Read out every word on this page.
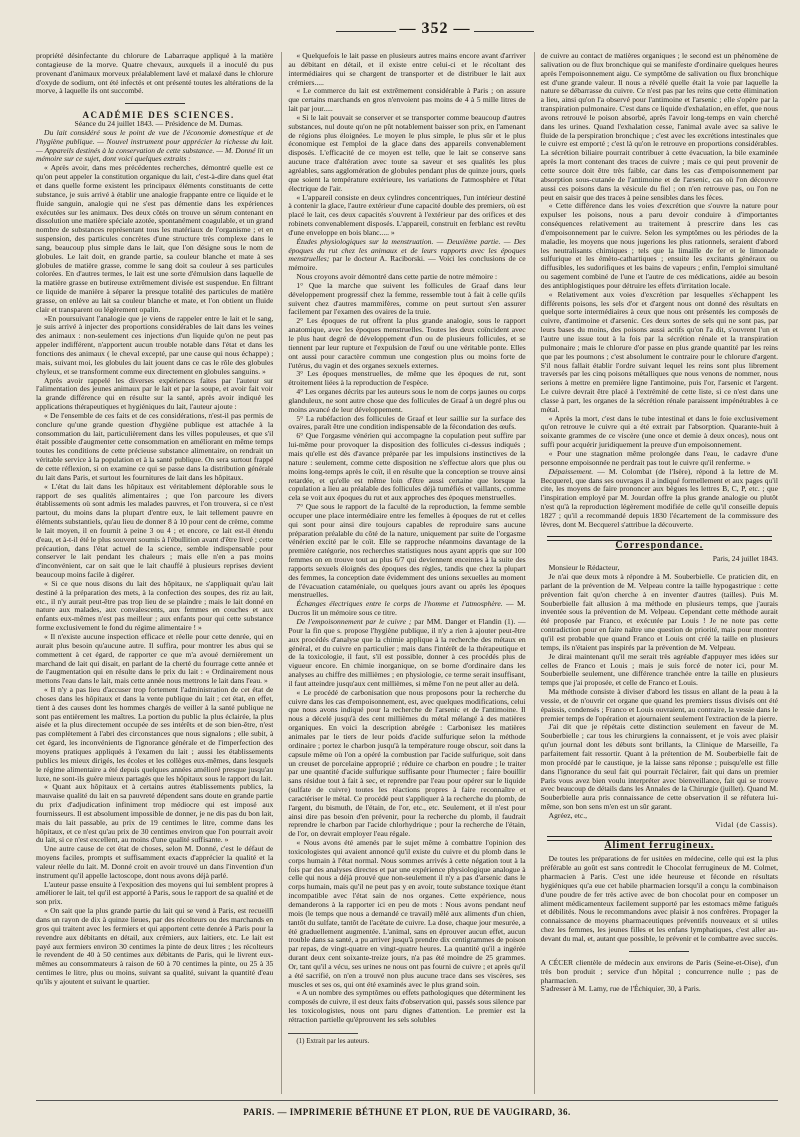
— 352 —

propriété désinfectante du chlorure de Labarraque appliqué à la matière contagieuse de la morve. Quatre chevaux, auxquels il a inoculé du pus provenant d'animaux morveux préalablement lavé et malaxé dans le chlorure d'oxyde de sodium, ont été infectés et ont présenté toutes les altérations de la morve, à laquelle ils ont succombé.

ACADÉMIE DES SCIENCES.

Séance du 24 juillet 1843. — Présidence de M. Dumas.

Du lait considéré sous le point de vue de l'économie domestique et de l'hygiène publique. — Nouvel instrument pour apprécier la richesse du lait. — Appareils destinés à la conservation de cette substance. — M. Donné lit un mémoire sur ce sujet, dont voici quelques extraits :

« Après avoir, dans mes précédentes recherches, démontré quelle est ce qu'on peut appeler la constitution organique du lait, c'est-à-dire dans quel état et dans quelle forme existent les principaux éléments constituants de cette substance, je suis arrivé à établir une analogie frappante entre ce liquide et le fluide sanguin, analogie qui ne s'est pas démentie dans les expériences exécutées sur les animaux. Des deux côtés on trouve un sérum contenant en dissolution une matière spéciale azotée, spontanément coagulable, et un grand nombre de substances représentant tous les matériaux de l'organisme ; et en suspension, des particules concrètes d'une structure très complexe dans le sang, beaucoup plus simple dans le lait, que l'on désigne sous le nom de globules. Le lait doit, en grande partie, sa couleur blanche et mate à ses globules de matière grasse, comme le sang doit sa couleur à ses particules colorées. En d'autres termes, le lait est une sorte d'émulsion dans laquelle de la matière grasse en butireuse extrêmement divisée est suspendue. En filtrant ce liquide de manière à séparer la presque totalité des particules de matière grasse, on enlève au lait sa couleur blanche et mate, et l'on obtient un fluide clair et transparent ou légèrement opalin.

»En poursuivant l'analogie que je viens de rappeler entre le lait et le sang, je suis arrivé à injecter des proportions considérables de lait dans les veines des animaux : non-seulement ces injections d'un liquide qu'on ne peut pas appeler indifférent, n'apportent aucun trouble notable dans l'état et dans les fonctions des animaux ( le cheval excepté, par une cause qui nous échappe) ; mais, suivant moi, les globules du lait jouent dans ce cas le rôle des globules chyleux, et se transforment comme eux directement en globules sanguins. »

Après avoir rappelé les diverses expériences faites par l'auteur sur l'alimentation des jeunes animaux par le lait et par la soupe, et avoir fait voir la grande différence qui en résulte sur la santé, après avoir indiqué les applications thérapeutiques et hygiéniques du lait, l'auteur ajoute :

« De l'ensemble de ces faits et de ces considérations, n'est-il pas permis de conclure qu'une grande question d'hygiène publique est attachée à la consommation du lait, particulièrement dans les villes populeuses, et que s'il était possible d'augmenter cette consommation en améliorant en même temps toutes les conditions de cette précieuse substance alimentaire, on rendrait un véritable service à la population et à la santé publique. On sera surtout frappé de cette réflexion, si on examine ce qui se passe dans la distribution générale du lait dans Paris, et surtout les fournitures de lait dans les hôpitaux.

« L'état du lait dans les hôpitaux est véritablement déplorable sous le rapport de ses qualités alimentaires ; que l'on parcoure les divers établissements où sont admis les malades pauvres, et l'on trouvera, si ce n'est partout, du moins dans la plupart d'entre eux, le lait tellement pauvre en éléments substantiels, qu'au lieu de donner 8 à 10 pour cent de crème, comme le lait moyen, il en fournit à peine 3 ou 4 ; et encore, ce lait est-il étendu d'eau, et à-t-il été le plus souvent soumis à l'ébullition avant d'être livré ; cette précaution, dans l'état actuel de la science, semble indispensable pour conserver le lait pendant les chaleurs ; mais elle n'en a pas moins d'inconvénient, car on sait que le lait chauffé à plusieurs reprises devient beaucoup moins facile à digérer.

« Si ce que nous disons du lait des hôpitaux, ne s'appliquait qu'au lait destiné à la préparation des mets, à la confection des soupes, des riz au lait, etc., il n'y aurait peut-être pas trop lieu de se plaindre ; mais le lait donné en nature aux malades, aux convalescents, aux femmes en couches et aux enfants eux-mêmes n'est pas meilleur ; aux enfants pour qui cette substance forme exclusivement le fond du régime alimentaire ! »

« Il n'existe aucune inspection efficace et réelle pour cette denrée, qui en aurait plus besoin qu'aucune autre. Il suffira, pour montrer les abus qui se commettent à cet égard, de rapporter ce que m'a avoué dernièrement un marchand de lait qui disait, en parlant de la cherté du fourrage cette année et de l'augmentation qui en résulte dans le prix du lait : « Ordinairement nous mettons l'eau dans le lait, mais cette année nous mettrons le lait dans l'eau. »

« Il n'y a pas lieu d'accuser trop fortement l'administration de cet état de choses dans les hôpitaux et dans la vente publique du lait ; cet état, en effet, tient à des causes dont les hommes chargés de veiller à la santé publique ne sont pas entièrement les maîtres. La portion du public la plus éclairée, la plus aisée et la plus directement occupée de ses intérêts et de son bien-être, n'est pas complètement à l'abri des circonstances que nous signalons ; elle subit, à cet égard, les inconvénients de l'ignorance générale et de l'imperfection des moyens pratiques appliqués à l'examen du lait ; aussi les établissements publics les mieux dirigés, les écoles et les collèges eux-mêmes, dans lesquels le régime alimentaire a été depuis quelques années amélioré presque jusqu'au luxe, ne sont-ils guère mieux partagés que les hôpitaux sous le rapport du lait.

« Quant aux hôpitaux et à certains autres établissements publics, la mauvaise qualité du lait en sa pauvreté dépendent sans doute en grande partie du prix d'adjudication infiniment trop médiocre qui est imposé aux fournisseurs. Il est absolument impossible de donner, je ne dis pas du bon lait, mais du lait passable, au prix de 19 centimes le litre, comme dans les hôpitaux, et ce n'est qu'au prix de 30 centimes environ que l'on pourrait avoir du lait, si ce n'est excellent, au moins d'une qualité suffisante. »

Une autre cause de cet état de choses, selon M. Donné, c'est le défaut de moyens faciles, prompts et suffisamment exacts d'apprécier la qualité et la valeur réelle du lait. M. Donné croit en avoir trouvé un dans l'invention d'un instrument qu'il appelle lactoscope, dont nous avons déjà parlé.

L'auteur passe ensuite à l'exposition des moyens qui lui semblent propres à améliorer le lait, tel qu'il est apporté à Paris, sous le rapport de sa qualité et de son prix.

« On sait que la plus grande partie du lait qui se vend à Paris, est recueillî dans un rayon de dix à quinze lieues, par des récolteurs ou des marchands en gros qui traitent avec les fermiers et qui apportent cette denrée à Paris pour la revendre aux débitants en détail, aux crémiers, aux laitiers, etc. Le lait est payé aux fermiers environ 30 centimes la pinte de deux litres ; les récolteurs le revendent de 40 à 50 centimes aux débitants de Paris, qui le livrent eux-mêmes au consommateurs à raison de 60 à 70 centimes la pinte, ou 25 à 35 centimes le litre, plus ou moins, suivant sa qualité, suivant la quantité d'eau qu'ils y ajoutent et suivant le quartier.

« Quelquefois le lait passe en plusieurs autres mains encore avant d'arriver au débitant en détail, et il existe entre celui-ci et le récoltant des intermédiaires qui se chargent de transporter et de distribuer le lait aux crémiers.....

« Le commerce du lait est extrêmement considérable à Paris ; on assure que certains marchands en gros n'envoient pas moins de 4 à 5 mille litres de lait par jour.....

« Si le lait pouvait se conserver et se transporter comme beaucoup d'autres substances, nul doute qu'on ne pût notablement baisser son prix, en l'amenant de régions plus éloignées. Le moyen le plus simple, le plus sûr et le plus économique est l'emploi de la glace dans des appareils convenablement disposés. L'efficacité de ce moyen est telle, que le lait se conserve sans aucune trace d'altération avec toute sa saveur et ses qualités les plus agréables, sans agglomération de globules pendant plus de quinze jours, quels que soient la température extérieure, les variations de l'atmosphère et l'état électrique de l'air.

« L'appareil consiste en deux cylindres concentriques, l'un intérieur destiné à contenir la glace, l'autre extérieur d'une capacité double des premiers, où est placé le lait, ces deux capacités s'ouvrent à l'extérieur par des orifices et des robinets convenablement disposés. L'appareil, construit en ferblanc est revêtu d'une enveloppe en bois blanc..... »

Études physiologiques sur la menstruation. — Deuxième partie. — Des époques du rut chez les animaux et de leurs rapports avec les époques menstruelles; par le docteur A. Raciborski. — Voici les conclusions de ce mémoire.

Nous croyons avoir démontré dans cette partie de notre mémoire :

1° Que la marche que suivent les follicules de Graaf dans leur développement progressif chez la femme, ressemble tout à fait à celle qu'ils suivent chez d'autres mammifères, comme on peut surtout s'en assurer facilement par l'examen des ovaires de la truie.

2° Les époques de rut offrent la plus grande analogie, sous le rapport anatomique, avec les époques menstruelles. Toutes les deux coïncident avec le plus haut degré de développement d'un ou de plusieurs follicules, et se tiennent par leur rupture et l'expulsion de l'œuf ou une véritable ponte. Elles ont aussi pour caractère commun une congestion plus ou moins forte de l'utérus, du vagin et des organes sexuels externes.

3° Les époques menstruelles, de même que les époques de rut, sont étroitement liées à la reproduction de l'espèce.

4° Les organes décrits par les auteurs sous le nom de corps jaunes ou corps glanduleux, ne sont autre chose que des follicules de Graaf à un degré plus ou moins avancé de leur développement.

5° La rubéfaction des follicules de Graaf et leur saillie sur la surface des ovaires, paraît être une condition indispensable de la fécondation des œufs.

6° Que l'orgasme vénérien qui accompagne la copulation peut suffire par lui-même pour provoquer la disposition des follicules ci-dessus indiqués ; mais qu'elle est dès d'avance préparée par les impulsions instinctives de la nature : seulement, comme cette disposition ne s'effectue alors que plus ou moins long-temps après le coït, il en résulte que la conception se trouve ainsi retardée, et qu'elle est même loin d'être aussi certaine que lorsque la copulation a lieu au préalable des follicules déjà tuméfiés et vaillants, comme cela se voit aux époques du rut et aux approches des époques menstruelles.

7° Que sous le rapport de la faculté de la reproduction, la femme semble occuper une place intermédiaire entre les femelles à époques de rut et celles qui sont pour ainsi dire toujours capables de reproduire sans aucune préparation préalable du côté de la nature, uniquement par suite de l'orgasme vénérien excité par le coït. Elle se rapproche néanmoins davantage de la première catégorie, nos recherches statistiques nous ayant appris que sur 100 femmes on en trouve tout au plus 6/7 qui deviennent enceintes à la suite des rapports sexuels éloignés des époques des règles, tandis que chez la plupart des femmes, la conception date évidemment des unions sexuelles au moment de l'évacuation cataméniale, ou quelques jours avant ou après les époques menstruelles.

Échanges électriques entre le corps de l'homme et l'atmosphère. — M. Ducros lit un mémoire sous ce titre.

De l'empoisonnement par le cuivre ; par MM. Danger et Flandin (1). — Pour la fin que s. propose l'hygiène publique, il n'y a rien à ajouter peut-être aux procédés d'analyse que la chimie applique à la recherche des métaux en général, et du cuivre en particulier ; mais dans l'intérêt de la thérapeutique et de la toxicologie, il faut, s'il est possible, donner à ces procédés plus de vigueur encore. En chimie inorganique, on se borne d'ordinaire dans les analyses au chiffre des millièmes ; en physiologie, ce terme serait insuffisant, il faut atteindre jusqu'aux cent millièmes, si même l'on ne peut aller au delà.

« Le procédé de carbonisation que nous proposons pour la recherche du cuivre dans les cas d'empoisonnement, est, avec quelques modifications, celui que nous avons indiqué pour la recherche de l'arsenic et de l'antimoine. Il nous a décelé jusqu'à des cent millièmes du métal mélangé à des matières organiques. En voici la description abrégée : Carbonisez les matières animales par le tiers de leur poids d'acide sulfurique selon la méthode ordinaire ; portez le charbon jusqu'à la température rouge obscur, soit dans la capsule même où l'on a opéré la combustion par l'acide sulfurique, soit dans un creuset de porcelaine approprié ; réduire ce charbon en poudre ; le traiter par une quantité d'acide sulfurique suffisante pour l'humecter ; faire bouillir sans résidue tout à fait à sec, et reprendre par l'eau pour opérer sur le liquide (sulfate de cuivre) toutes les réactions propres à faire reconnaître et caractériser le métal. Ce procédé peut s'appliquer à la recherche du plomb, de l'argent, du bismuth, de l'étain, de l'or, etc., etc. Seulement, et il n'est pour ainsi dire pas besoin d'en prévenir, pour la recherche du plomb, il faudrait reprendre le charbon par l'acide chlorhydrique ; pour la recherche de l'étain, de l'or, on devrait employer l'eau régale.

« Nous avons été amenés par le sujet même à combattre l'opinion des toxicologistes qui avaient annoncé qu'il existe du cuivre et du plomb dans le corps humain à l'état normal. Nous sommes arrivés à cette négation tout à la fois par des analyses directes et par une expérience physiologique analogue à celle qui nous a déjà prouvé que non-seulement il n'y a pas d'arsenic dans le corps humain, mais qu'il ne peut pas y en avoir, toute substance toxique étant incompatible avec l'état sain de nos organes. Cette expérience, nous demanderons à la rapporter ici en peu de mots : Nous avons pendant neuf mois (le temps que nous a demandé ce travail) mêlé aux aliments d'un chien, tantôt du sulfate, tantôt de l'acétate de cuivre. La dose, chaque jour mesurée, a été graduellement augmentée. L'animal, sans en éprouver aucun effet, aucun trouble dans sa santé, a pu arriver jusqu'à prendre dix centigrammes de poison par repas, de vingt-quatre en vingt-quatre heures. La quantité qu'il a ingérée durant deux cent soixante-treize jours, n'a pas été moindre de 25 grammes. Or, tant qu'il a vécu, ses urines ne nous ont pas fourni de cuivre ; et après qu'il a été sacrifié, on n'en a trouvé non plus aucune trace dans ses viscères, ses muscles et ses os, qui ont été examinés avec le plus grand soin.

« A un nombre des symptômes ou effets pathologiques que déterminent les composés de cuivre, il est deux faits d'observation qui, passés sous silence par les toxicologistes, nous ont paru dignes d'attention. Le premier est la rétraction partielle qu'éprouvent les sels solubles

(1) Extrait par les auteurs.

de cuivre au contact de matières organiques ; le second est un phénomène de salivation ou de flux bronchique qui se manifeste d'ordinaire quelques heures après l'empoisonnement aigu. Ce symptôme de salivation ou flux bronchique est d'une grande valeur. Il nous a révélé quelle était la voie par laquelle la nature se débarrasse du cuivre. Ce n'est pas par les reins que cette élimination a lieu, ainsi qu'on l'a observé pour l'antimoine et l'arsenic ; elle s'opère par la transpiration pulmonaire. C'est dans ce liquide d'exhalation, en effet, que nous avons retrouvé le poison absorbé, après l'avoir long-temps en vain cherché dans les urines. Quand l'exhalation cesse, l'animal avale avec sa salive le fluide de la perspiration bronchique ; c'est avec les excrétions intestinales que le cuivre est emporté ; c'est là qu'on le retrouve en proportions considérables. La sécrétion biliaire pourrait contribuer à cette évacuation, la bile examinée après la mort contenant des traces de cuivre ; mais ce qui peut provenir de cette source doit être très faible, car dans les cas d'empoisonnement par absorption sous-cutanée de l'antimoine et de l'arsenic, cas où l'on découvre aussi ces poisons dans la vésicule du fiel ; on n'en retrouve pas, ou l'on ne peut en saisir que des traces à peine sensibles dans les fèces.

« Cette différence dans les voies d'excrétion que s'ouvre la nature pour expulser les poisons, nous a paru devoir conduire à d'importantes conséquences relativement au traitement à prescrire dans les cas d'empoisonnement par le cuivre. Selon les symptômes ou les périodes de la maladie, les moyens que nous jugerions les plus rationnels, seraient d'abord les neutralisants chimiques ; tels que la limaille de fer et le limonade sulfurique et les émèto-cathartiques ; ensuite les excitants généraux ou diffusibles, les sudorifiques et les bains de vapeurs ; enfin, l'emploi simultané ou sagement combiné de l'une et l'autre de ces médications, aidée au besoin des antiphlogistiques pour détruire les effets d'irritation locale.

« Relativement aux voies d'excrétion par lesquelles s'échappent les différents poisons, les sels d'or et d'argent nous ont donné des résultats en quelque sorte intermédiaires à ceux que nous ont présentés les composés de cuivre, d'antimoine et d'arsenic. Ces deux sortes de sels qui ne sont pas, par leurs bases du moins, des poisons aussi actifs qu'on l'a dit, s'ouvrent l'un et l'autre une issue tout à la fois par la sécrétion rénale et la transpiration pulmonaire ; mais le chlorure d'or passe en plus grande quantité par les reins que par les poumons ; c'est absolument le contraire pour le chlorure d'argent. S'il nous fallait établir l'ordre suivant lequel les reins sont plus librement traversés par les cinq poisons métalliques que nous venons de nommer, nous serions à mettre en première ligne l'antimoine, puis l'or, l'arsenic et l'argent. Le cuivre devrait être placé à l'extrémité de cette liste, si ce n'est dans une classe à part, les organes de la sécrétion rénale paraissent impénétrables à ce métal.

« Après la mort, c'est dans le tube intestinal et dans le foie exclusivement qu'on retrouve le cuivre qui a été extrait par l'absorption. Quarante-huit à soixante grammes de ce viscère (une once et demie à deux onces), nous ont suffi pour acquérir juridiquement la preuve d'un empoisonnement.

« Pour une stagnation même prolongée dans l'eau, le cadavre d'une personne empoisonnée ne perdrait pas tout le cuivre qu'il renferme. »

Dépaissement. — M. Colombat (de l'Isère), répond à la lettre de M. Becquerel, que dans ses ouvrages il a indiqué formellement et aux pages qu'il cite, les moyens de faire prononcer aux bègues les lettres B, C, P, etc. ; que l'inspiration employé par M. Jourdan offre la plus grande analogie ou plutôt n'est qu'à la reproduction légèrement modifiée de celle qu'il conseille depuis 1827 ; qu'il a recommandé depuis 1830 l'écartement de la commissure des lèvres, dont M. Becquerel s'attribue la découverte.

Correspondance.

Paris, 24 juillet 1843.

Monsieur le Rédacteur,

Je n'ai que deux mots à répondre à M. Souberbielle. Ce praticien dit, en parlant de la prévention de M. Velpeau contre la taille hypogastrique : cette prévention fait qu'on cherche à en inventer d'autres (tailles). Puis M. Souberbielle fait allusion à ma méthode en plusieurs temps, que j'aurais inventée sous la prévention de M. Velpeau. Cependant cette méthode aurait été proposée par Franco, et exécutée par Louis ! Je ne note pas cette contradiction pour en faire naître une question de priorité, mais pour montrer qu'il est probable que quand Franco et Louis ont créé la taille en plusieurs temps, ils n'étaient pas inspirés par la prévention de M. Velpeau.

Je dirai maintenant qu'il me serait très agréable d'appuyer mes idées sur celles de Franco et Louis ; mais je suis forcé de noter ici, pour M. Souberbielle seulement, une différence tranchée entre la taille en plusieurs temps que j'ai proposée, et celle de Franco et Louis.

Ma méthode consiste à diviser d'abord les tissus en allant de la peau à la vessie, et de n'ouvrir cet organe que quand les premiers tissus divisés ont été épaissis, condensés ; Franco et Louis ouvraient, au contraire, la vessie dans le premier temps de l'opération et ajournaient seulement l'extraction de la pierre.

J'ai dit que je répétais cette distinction seulement en faveur de M. Souberbielle ; car tous les chirurgiens la connaissent, et je vois avec plaisir qu'un journal dont les débuts sont brillants, la Clinique de Marseille, l'a parfaitement fait ressortir. Quant à la prétention de M. Souberbielle fait de mon procédé par le caustique, je la laisse sans réponse ; puisqu'elle est fille dans l'ignorance du seul fait qui pourrait l'éclairer, fait qui dans un premier Paris vous avez bien voulu interpréter avec bienveillance, fait qui se trouve avec beaucoup de détails dans les Annales de la Chirurgie (juillet). Quand M. Souberbielle aura pris connaissance de cette observation il se réfutera lui-même, son bon sens m'en est un sûr garant.

Agréez, etc.,

Vidal (de Cassis).

Aliment ferrugineux.

De toutes les préparations de fer usitées en médecine, celle qui est la plus préférable au goût est sans contredit le Chocolat ferrugineux de M. Colmet, pharmacien à Paris. C'est une idée heureuse et féconde en résultats hygiéniques qu'a eue cet habile pharmacien lorsqu'il a conçu la combinaison d'une poudre de fer très active avec de bon chocolat pour en composer un aliment médicamenteux facilement supporté par les estomacs même fatigués et débilités. Nous le recommandons avec plaisir à nos confrères. Propager la connaissance de moyens pharmaceutiques préventifs nouveaux et si utiles chez les femmes, les jeunes filles et les enfans lymphatiques, c'est aller au-devant du mal, et, autant que possible, le prévenir et le combattre avec succès.

A CÉCER clientèle de médecin aux environs de Paris (Seine-et-Oise), d'un très bon produit ; service d'un hôpital ; concurrence nulle ; pas de pharmacien.

S'adresser à M. Lamy, rue de l'Échiquier, 30, à Paris.

PARIS. — IMPRIMERIE BÉTHUNE ET PLON, RUE DE VAUGIRARD, 36.
